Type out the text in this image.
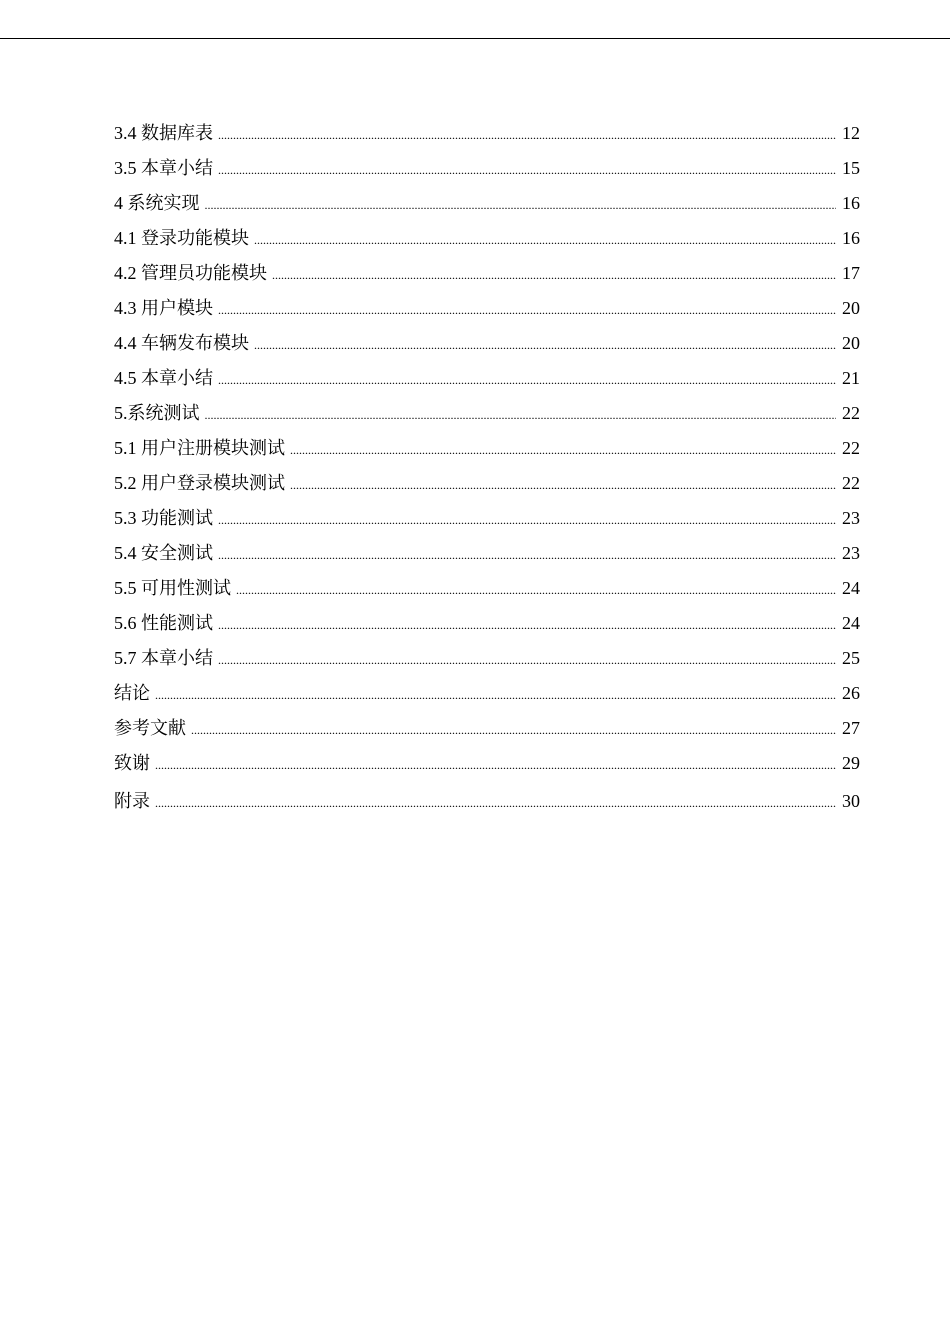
3.4 数据库表 .....	12
3.5 本章小结 .....	15
4 系统实现 .....	16
4.1 登录功能模块 .....	16
4.2 管理员功能模块 .....	17
4.3 用户模块 .....	20
4.4 车辆发布模块 .....	20
4.5 本章小结 .....	21
5.系统测试 .....	22
5.1 用户注册模块测试 .....	22
5.2 用户登录模块测试 .....	22
5.3 功能测试 .....	23
5.4 安全测试 .....	23
5.5 可用性测试 .....	24
5.6 性能测试 .....	24
5.7 本章小结 .....	25
结论 .....	26
参考文献 .....	27
致谢 .....	29
附录 .....	30
